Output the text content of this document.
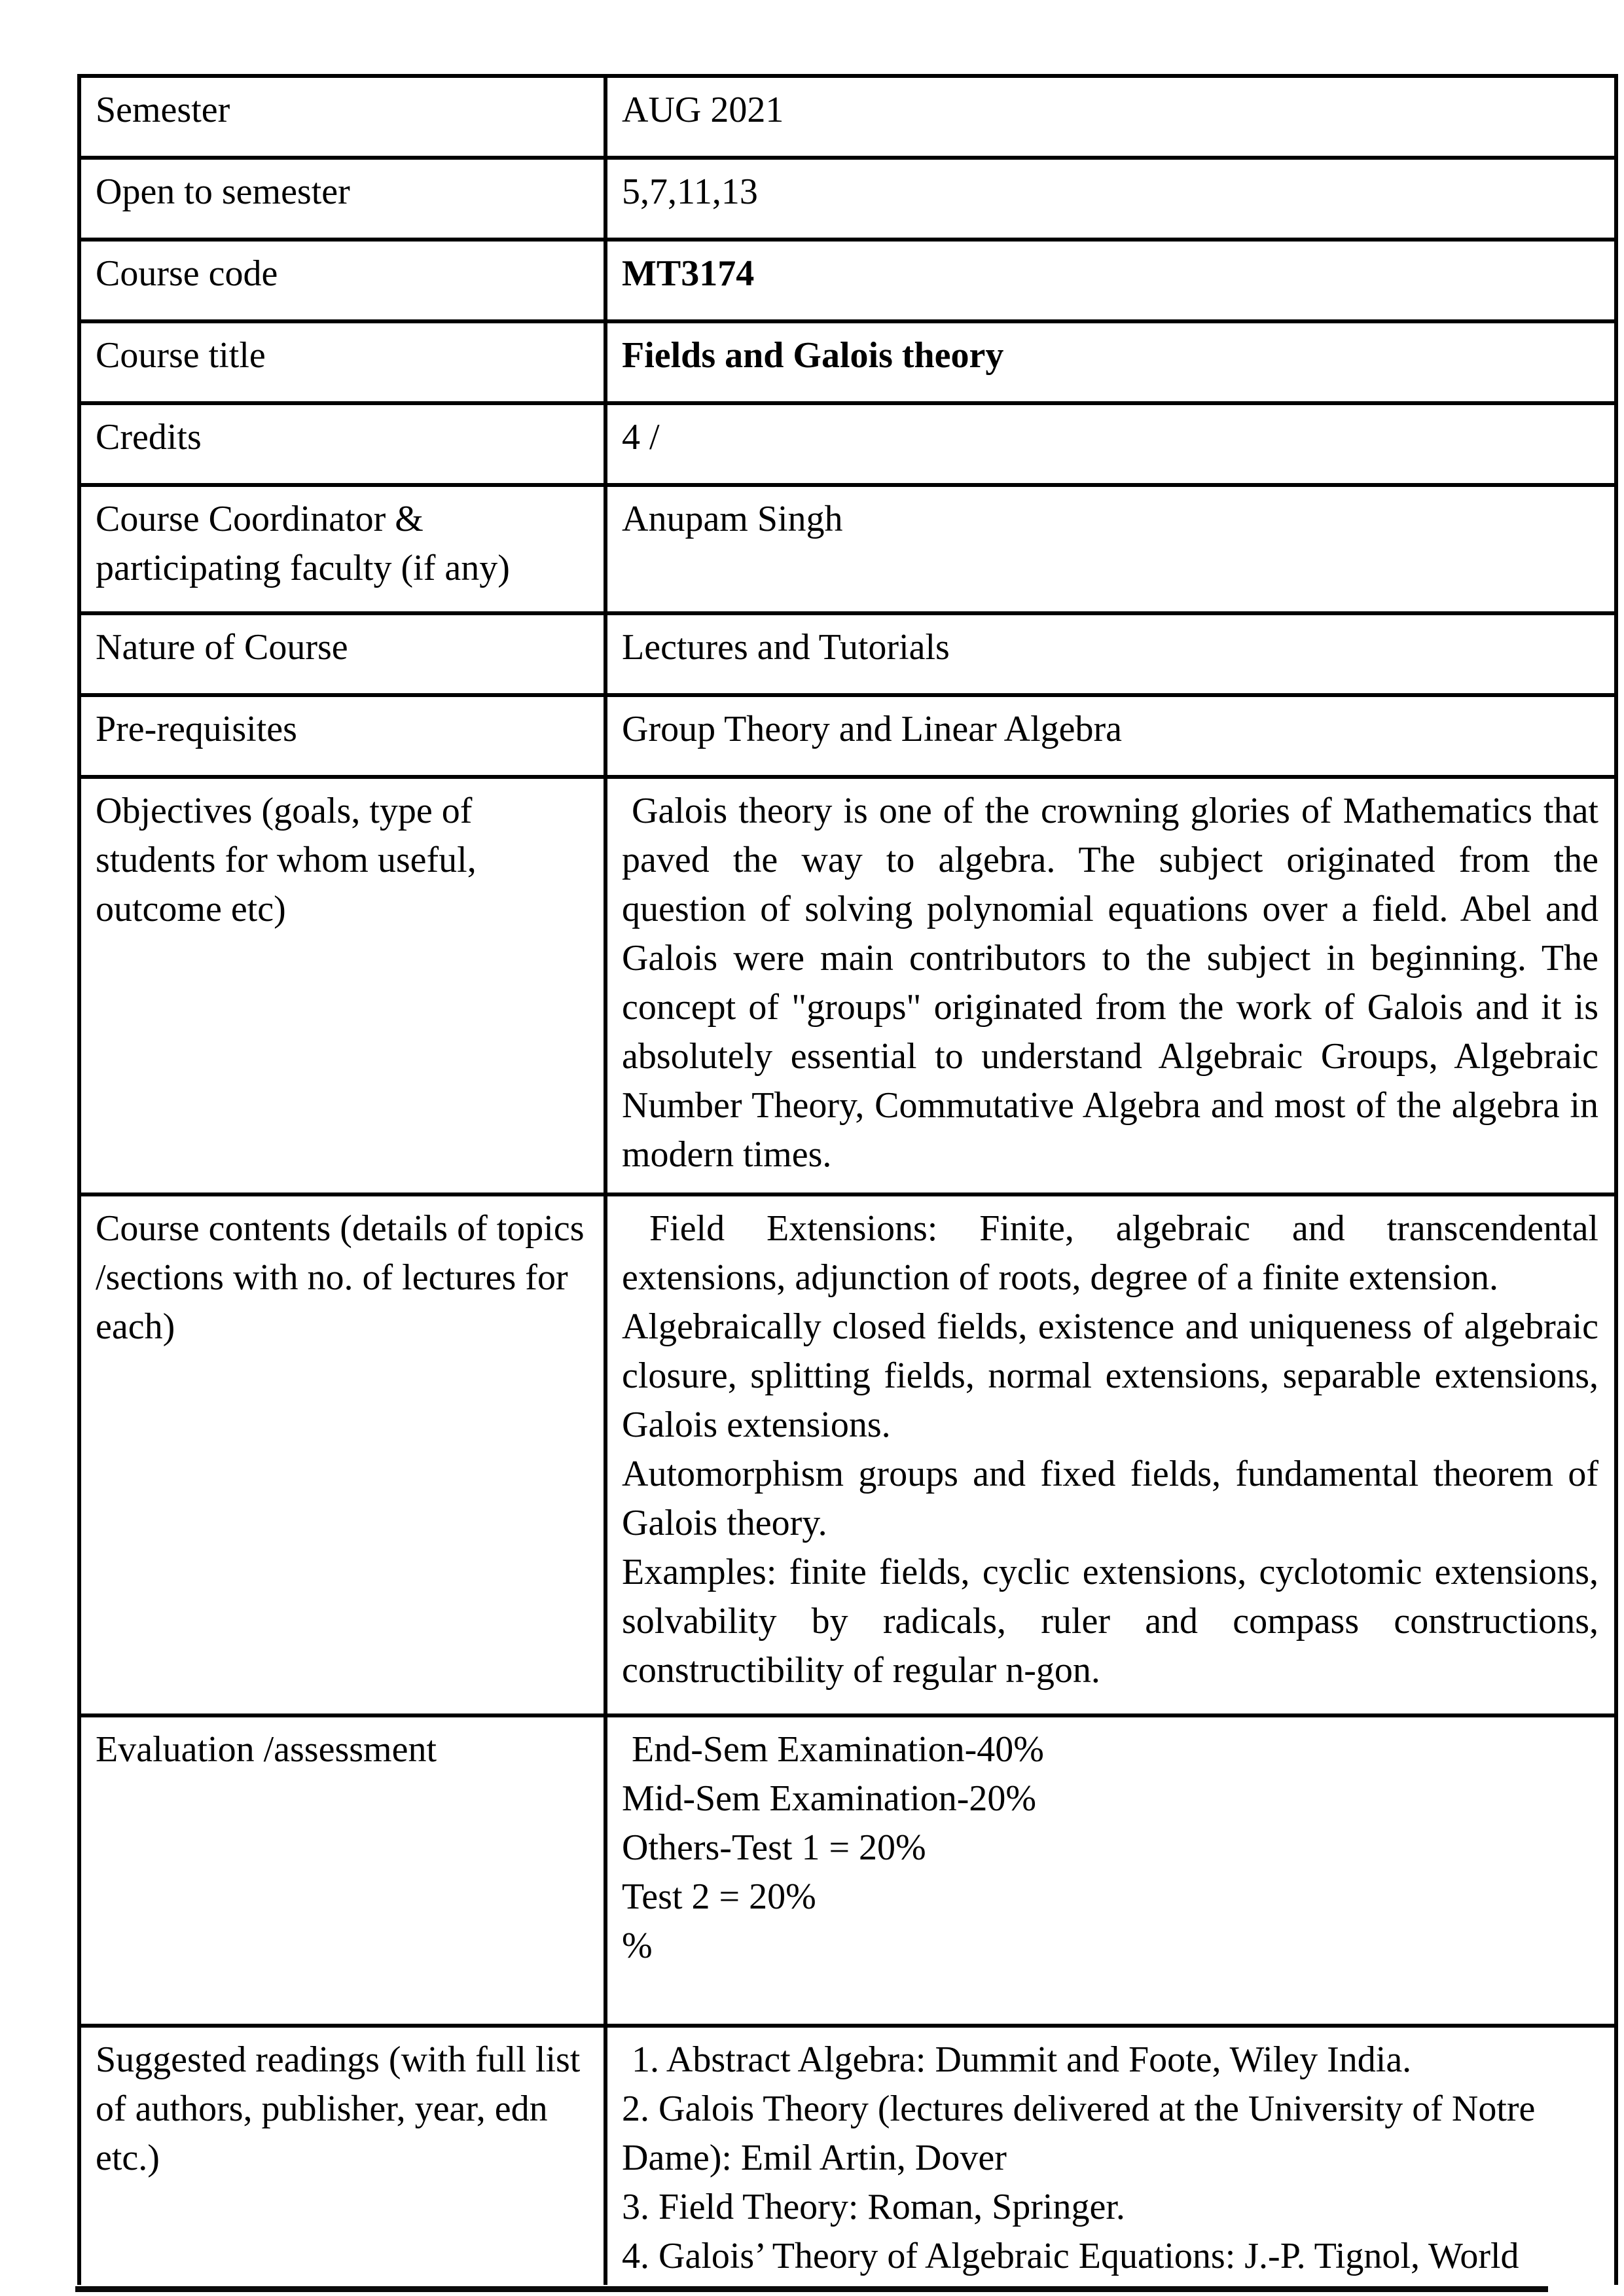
Semester	AUG 2021
Open to semester	5,7,11,13
Course code	MT3174
Course title	Fields and Galois theory
Credits	4 /
Course Coordinator & participating faculty (if any)	Anupam Singh
Nature of Course	Lectures and Tutorials
Pre-requisites	Group Theory and Linear Algebra
Objectives (goals, type of students for whom useful, outcome etc)	Galois theory is one of the crowning glories of Mathematics that paved the way to algebra. The subject originated from the question of solving polynomial equations over a field. Abel and Galois were main contributors to the subject in beginning. The concept of "groups" originated from the work of Galois and it is absolutely essential to understand Algebraic Groups, Algebraic Number Theory, Commutative Algebra and most of the algebra in modern times.

Course contents (details of topics /sections with no. of lectures for each)	Field Extensions: Finite, algebraic and transcendental extensions, adjunction of roots, degree of a finite extension.

Algebraically closed fields, existence and uniqueness of algebraic closure, splitting fields, normal extensions, separable extensions, Galois extensions.

Automorphism groups and fixed fields, fundamental theorem of Galois theory.

Examples: finite fields, cyclic extensions, cyclotomic extensions, solvability by radicals, ruler and compass constructions, constructibility of regular n-gon.

Evaluation /assessment	End-Sem Examination-40%

Mid-Sem Examination-20%

Others-Test 1 = 20%

Test 2 = 20%

%

Suggested readings (with full list of authors, publisher, year, edn etc.)	1. Abstract Algebra: Dummit and Foote, Wiley India.

2. Galois Theory (lectures delivered at the University of Notre Dame): Emil Artin, Dover

3. Field Theory: Roman, Springer.

4. Galois’ Theory of Algebraic Equations: J.-P. Tignol, World
